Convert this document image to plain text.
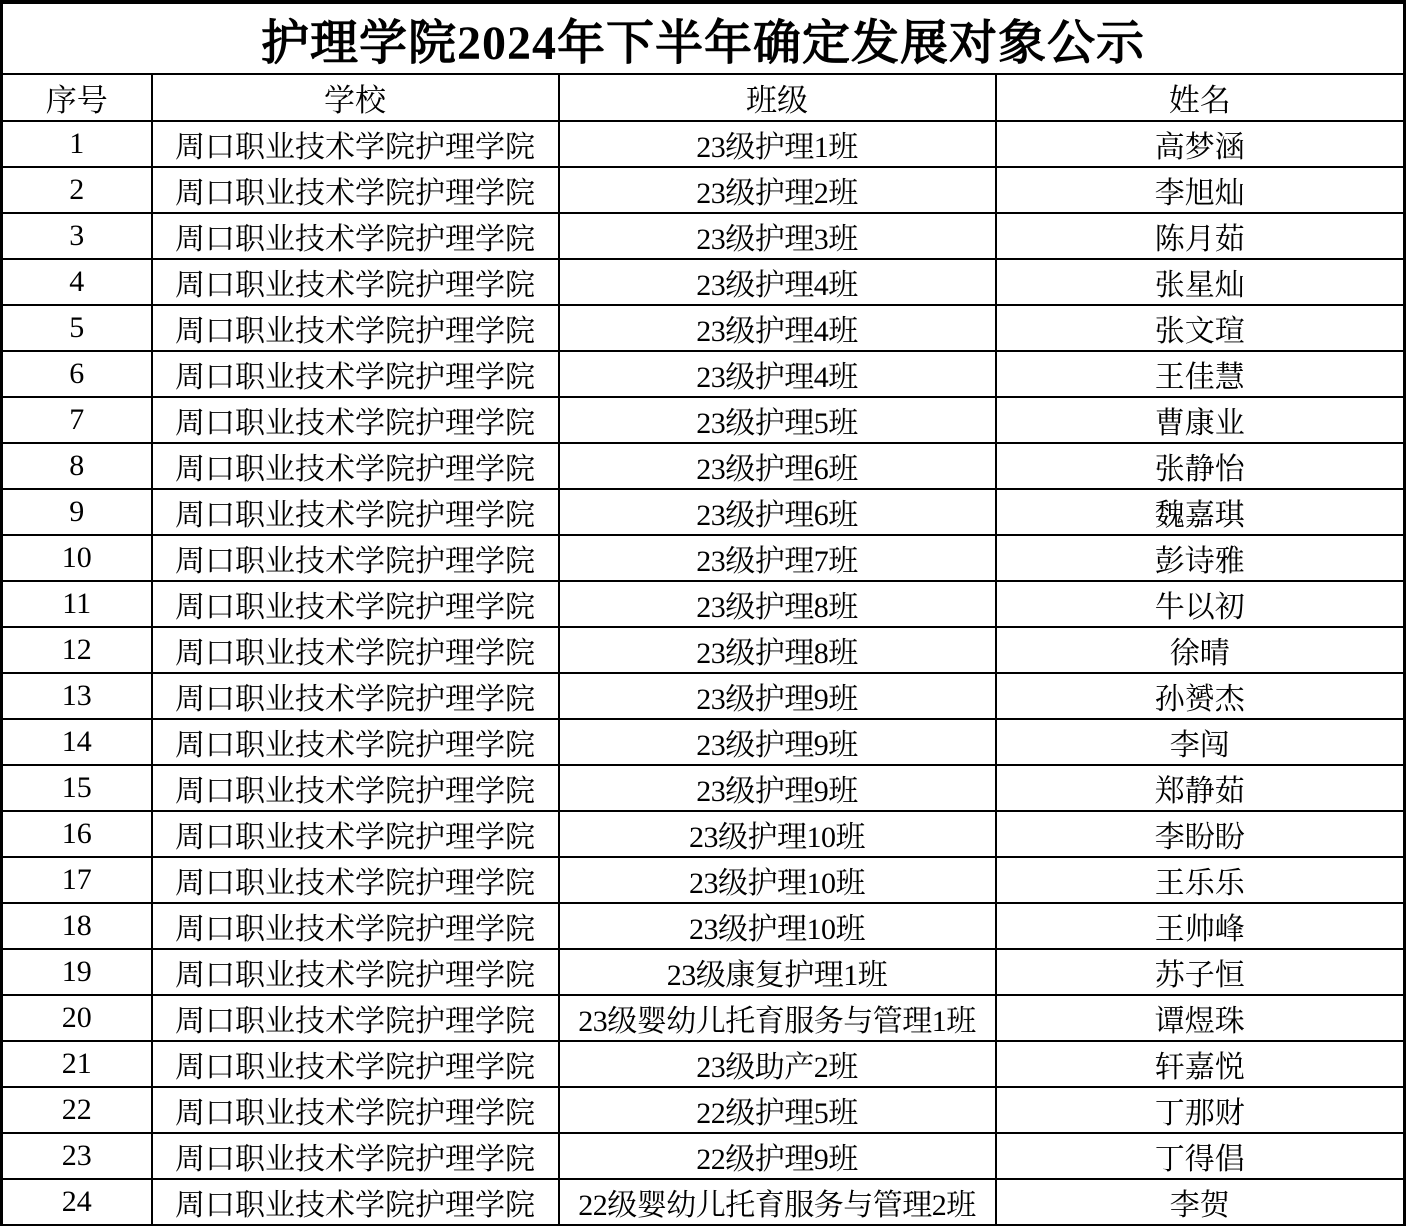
护理学院2024年下半年确定发展对象公示			
序号	学校	班级	姓名
1	周口职业技术学院护理学院	23级护理1班	高梦涵
2	周口职业技术学院护理学院	23级护理2班	李旭灿
3	周口职业技术学院护理学院	23级护理3班	陈月茹
4	周口职业技术学院护理学院	23级护理4班	张星灿
5	周口职业技术学院护理学院	23级护理4班	张文瑄
6	周口职业技术学院护理学院	23级护理4班	王佳慧
7	周口职业技术学院护理学院	23级护理5班	曹康业
8	周口职业技术学院护理学院	23级护理6班	张静怡
9	周口职业技术学院护理学院	23级护理6班	魏嘉琪
10	周口职业技术学院护理学院	23级护理7班	彭诗雅
11	周口职业技术学院护理学院	23级护理8班	牛以初
12	周口职业技术学院护理学院	23级护理8班	徐晴
13	周口职业技术学院护理学院	23级护理9班	孙赟杰
14	周口职业技术学院护理学院	23级护理9班	李闯
15	周口职业技术学院护理学院	23级护理9班	郑静茹
16	周口职业技术学院护理学院	23级护理10班	李盼盼
17	周口职业技术学院护理学院	23级护理10班	王乐乐
18	周口职业技术学院护理学院	23级护理10班	王帅峰
19	周口职业技术学院护理学院	23级康复护理1班	苏子恒
20	周口职业技术学院护理学院	23级婴幼儿托育服务与管理1班	谭煜珠
21	周口职业技术学院护理学院	23级助产2班	轩嘉悦
22	周口职业技术学院护理学院	22级护理5班	丁那财
23	周口职业技术学院护理学院	22级护理9班	丁得倡
24	周口职业技术学院护理学院	22级婴幼儿托育服务与管理2班	李贺
